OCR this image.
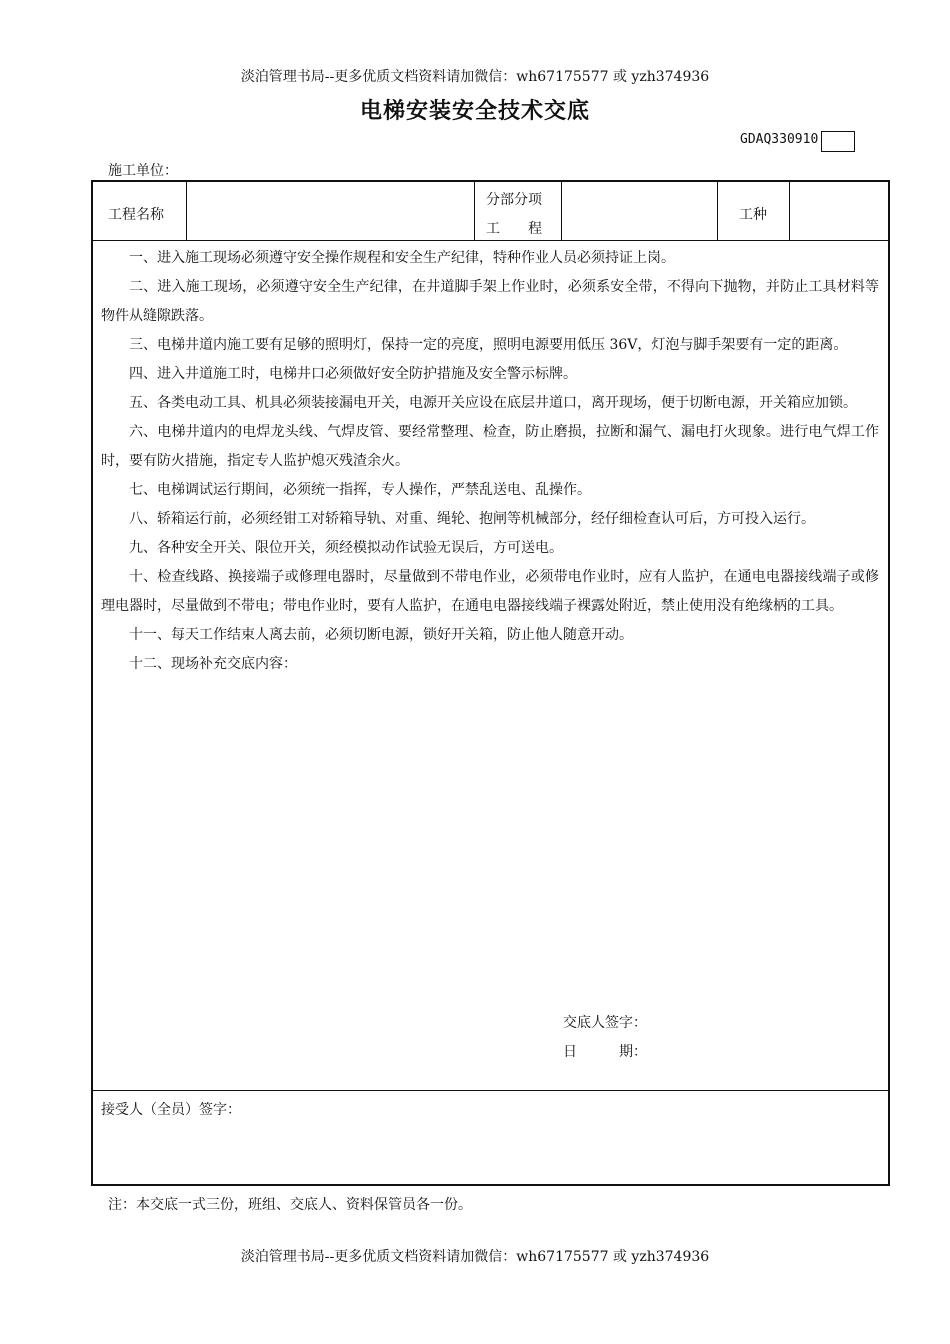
淡泊管理书局--更多优质文档资料请加微信：wh67175577 或 yzh374936
电梯安装安全技术交底
GDAQ330910
施工单位：
工程名称
分部分项
工　　程
工种

一、进入施工现场必须遵守安全操作规程和安全生产纪律，特种作业人员必须持证上岗。

二、进入施工现场，必须遵守安全生产纪律，在井道脚手架上作业时，必须系安全带，不得向下抛物，并防止工具材料等物件从缝隙跌落。

三、电梯井道内施工要有足够的照明灯，保持一定的亮度，照明电源要用低压 36V，灯泡与脚手架要有一定的距离。

四、进入井道施工时，电梯井口必须做好安全防护措施及安全警示标牌。

五、各类电动工具、机具必须装接漏电开关，电源开关应设在底层井道口，离开现场，便于切断电源，开关箱应加锁。

六、电梯井道内的电焊龙头线、气焊皮管、要经常整理、检查，防止磨损，拉断和漏气、漏电打火现象。进行电气焊工作时，要有防火措施，指定专人监护熄灭残渣余火。

七、电梯调试运行期间，必须统一指挥，专人操作，严禁乱送电、乱操作。

八、轿箱运行前，必须经钳工对轿箱导轨、对重、绳轮、抱闸等机械部分，经仔细检查认可后，方可投入运行。

九、各种安全开关、限位开关，须经模拟动作试验无误后，方可送电。

十、检查线路、换接端子或修理电器时，尽量做到不带电作业，必须带电作业时，应有人监护，在通电电器接线端子或修理电器时，尽量做到不带电；带电作业时，要有人监护，在通电电器接线端子裸露处附近，禁止使用没有绝缘柄的工具。

十一、每天工作结束人离去前，必须切断电源，锁好开关箱，防止他人随意开动。

十二、现场补充交底内容：

交底人签字：
日　　　期：
接受人（全员）签字：
注：本交底一式三份，班组、交底人、资料保管员各一份。
淡泊管理书局--更多优质文档资料请加微信：wh67175577 或 yzh374936
